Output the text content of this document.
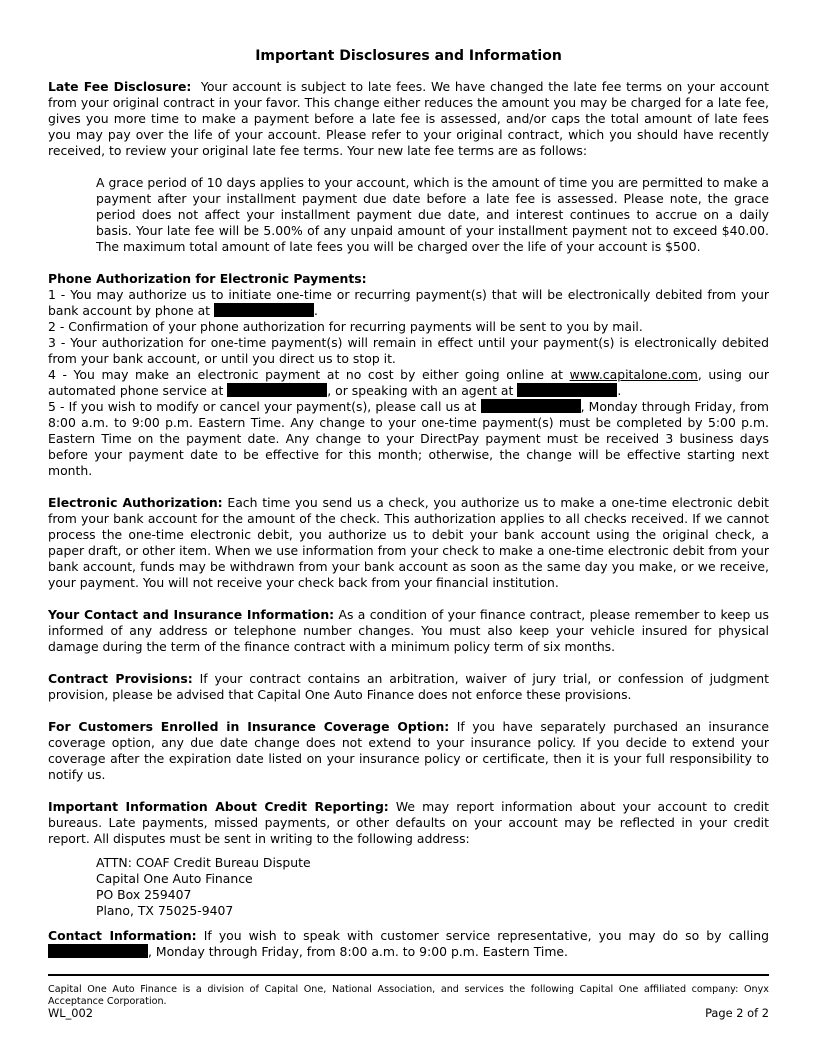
Important Disclosures and Information

Late Fee Disclosure: Your account is subject to late fees. We have changed the late fee terms on your account from your original contract in your favor. This change either reduces the amount you may be charged for a late fee, gives you more time to make a payment before a late fee is assessed, and/or caps the total amount of late fees you may pay over the life of your account. Please refer to your original contract, which you should have recently received, to review your original late fee terms. Your new late fee terms are as follows:

A grace period of 10 days applies to your account, which is the amount of time you are permitted to make a payment after your installment payment due date before a late fee is assessed. Please note, the grace period does not affect your installment payment due date, and interest continues to accrue on a daily basis. Your late fee will be 5.00% of any unpaid amount of your installment payment not to exceed $40.00. The maximum total amount of late fees you will be charged over the life of your account is $500.

Phone Authorization for Electronic Payments:

1 - You may authorize us to initiate one-time or recurring payment(s) that will be electronically debited from your bank account by phone at	.

2 - Confirmation of your phone authorization for recurring payments will be sent to you by mail.

3 - Your authorization for one-time payment(s) will remain in effect until your payment(s) is electronically debited from your bank account, or until you direct us to stop it.

4 - You may make an electronic payment at no cost by either going online at www.capitalone.com, using our automated phone service at	, or speaking with an agent at	.

5 - If you wish to modify or cancel your payment(s), please call us at	, Monday through Friday, from 8:00 a.m. to 9:00 p.m. Eastern Time. Any change to your one-time payment(s) must be completed by 5:00 p.m. Eastern Time on the payment date. Any change to your DirectPay payment must be received 3 business days before your payment date to be effective for this month; otherwise, the change will be effective starting next month.

Electronic Authorization: Each time you send us a check, you authorize us to make a one-time electronic debit from your bank account for the amount of the check. This authorization applies to all checks received. If we cannot process the one-time electronic debit, you authorize us to debit your bank account using the original check, a paper draft, or other item. When we use information from your check to make a one-time electronic debit from your bank account, funds may be withdrawn from your bank account as soon as the same day you make, or we receive, your payment. You will not receive your check back from your financial institution.

Your Contact and Insurance Information: As a condition of your finance contract, please remember to keep us informed of any address or telephone number changes. You must also keep your vehicle insured for physical damage during the term of the finance contract with a minimum policy term of six months.

Contract Provisions: If your contract contains an arbitration, waiver of jury trial, or confession of judgment provision, please be advised that Capital One Auto Finance does not enforce these provisions.

For Customers Enrolled in Insurance Coverage Option: If you have separately purchased an insurance coverage option, any due date change does not extend to your insurance policy. If you decide to extend your coverage after the expiration date listed on your insurance policy or certificate, then it is your full responsibility to notify us.

Important Information About Credit Reporting: We may report information about your account to credit bureaus. Late payments, missed payments, or other defaults on your account may be reflected in your credit report. All disputes must be sent in writing to the following address:

ATTN: COAF Credit Bureau Dispute

Capital One Auto Finance

PO Box 259407

Plano, TX 75025-9407

Contact Information: If you wish to speak with customer service representative, you may do so by calling , Monday through Friday, from 8:00 a.m. to 9:00 p.m. Eastern Time.

Capital One Auto Finance is a division of Capital One, National Association, and services the following Capital One affiliated company: Onyx Acceptance Corporation.
WL_002	Page 2 of 2
